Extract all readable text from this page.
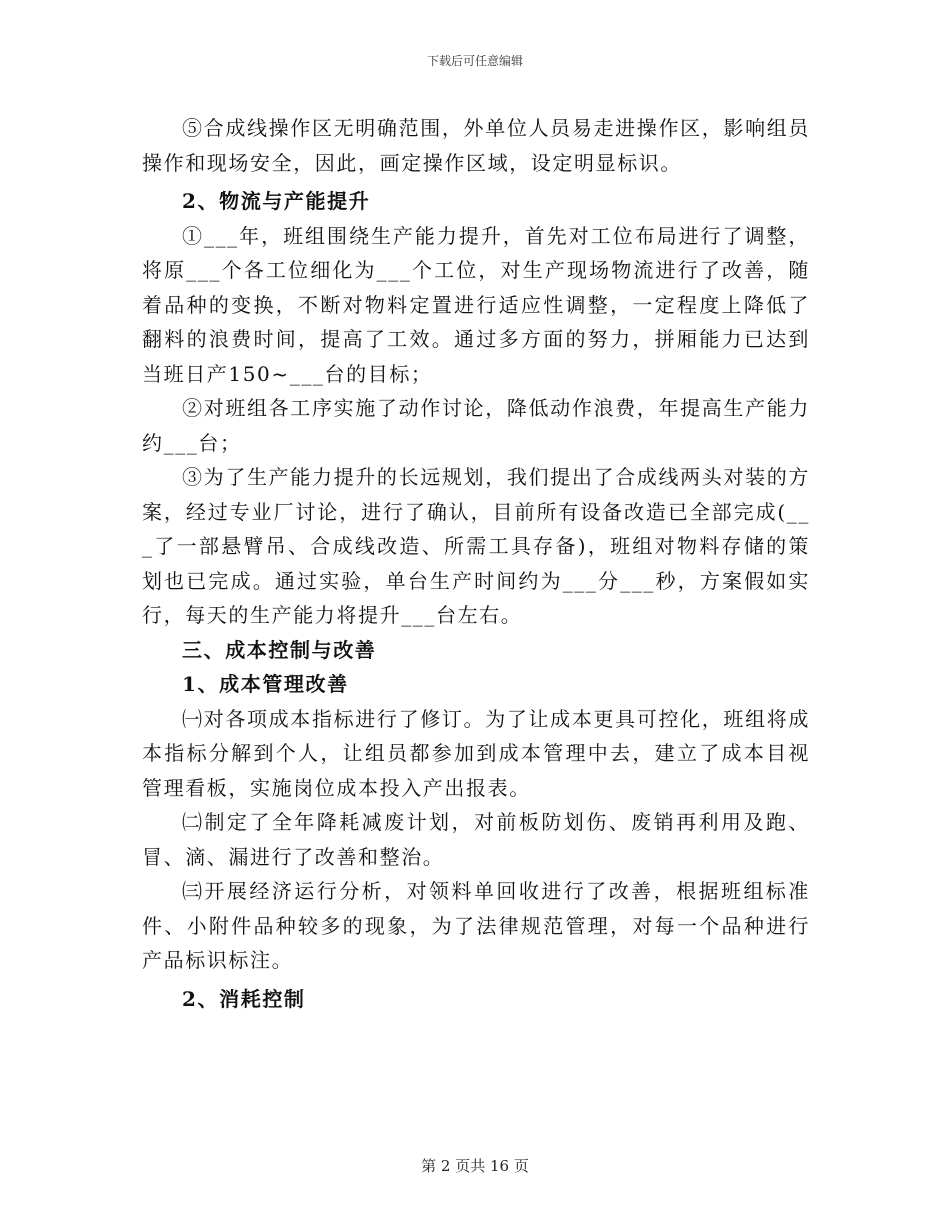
下载后可任意编辑

⑤合成线操作区无明确范围，外单位人员易走进操作区，影响组员操作和现场安全，因此，画定操作区域，设定明显标识。

2、物流与产能提升

①___年，班组围绕生产能力提升，首先对工位布局进行了调整，将原___个各工位细化为___个工位，对生产现场物流进行了改善，随着品种的变换，不断对物料定置进行适应性调整，一定程度上降低了翻料的浪费时间，提高了工效。通过多方面的努力，拼厢能力已达到当班日产150~___台的目标；

②对班组各工序实施了动作讨论，降低动作浪费，年提高生产能力约___台；

③为了生产能力提升的长远规划，我们提出了合成线两头对装的方案，经过专业厂讨论，进行了确认，目前所有设备改造已全部完成(___了一部悬臂吊、合成线改造、所需工具存备)，班组对物料存储的策划也已完成。通过实验，单台生产时间约为___分___秒，方案假如实行，每天的生产能力将提升___台左右。

三、成本控制与改善

1、成本管理改善

㈠对各项成本指标进行了修订。为了让成本更具可控化，班组将成本指标分解到个人，让组员都参加到成本管理中去，建立了成本目视管理看板，实施岗位成本投入产出报表。

㈡制定了全年降耗减废计划，对前板防划伤、废销再利用及跑、冒、滴、漏进行了改善和整治。

㈢开展经济运行分析，对领料单回收进行了改善，根据班组标准件、小附件品种较多的现象，为了法律规范管理，对每一个品种进行产品标识标注。

2、消耗控制

第 2 页共 16 页
